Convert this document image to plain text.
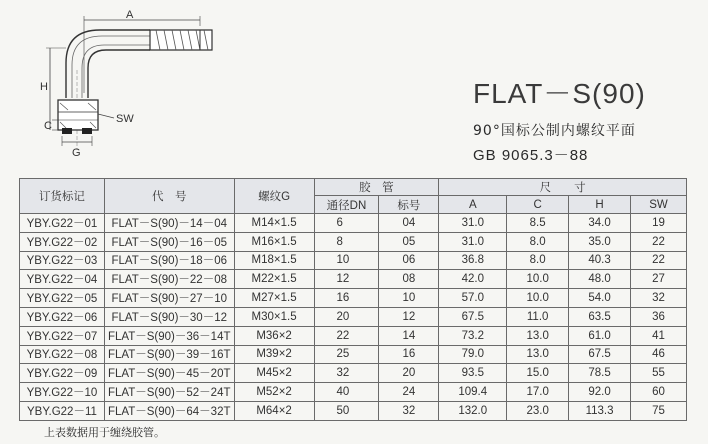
A
H
C
G
SW
FLAT－S(90)
90°国标公制内螺纹平面
GB 9065.3－88
订货标记	代　号	螺纹G	胶　管		尺　　寸			
			通径DN	标号	A	C	H	SW
YBY.G22－01	FLAT－S(90)－14－04	M14×1.5	6	04	31.0	8.5	34.0	19
YBY.G22－02	FLAT－S(90)－16－05	M16×1.5	8	05	31.0	8.0	35.0	22
YBY.G22－03	FLAT－S(90)－18－06	M18×1.5	10	06	36.8	8.0	40.3	22
YBY.G22－04	FLAT－S(90)－22－08	M22×1.5	12	08	42.0	10.0	48.0	27
YBY.G22－05	FLAT－S(90)－27－10	M27×1.5	16	10	57.0	10.0	54.0	32
YBY.G22－06	FLAT－S(90)－30－12	M30×1.5	20	12	67.5	11.0	63.5	36
YBY.G22－07	FLAT－S(90)－36－14T	M36×2	22	14	73.2	13.0	61.0	41
YBY.G22－08	FLAT－S(90)－39－16T	M39×2	25	16	79.0	13.0	67.5	46
YBY.G22－09	FLAT－S(90)－45－20T	M45×2	32	20	93.5	15.0	78.5	55
YBY.G22－10	FLAT－S(90)－52－24T	M52×2	40	24	109.4	17.0	92.0	60
YBY.G22－11	FLAT－S(90)－64－32T	M64×2	50	32	132.0	23.0	113.3	75
上表数据用于缠绕胶管。
